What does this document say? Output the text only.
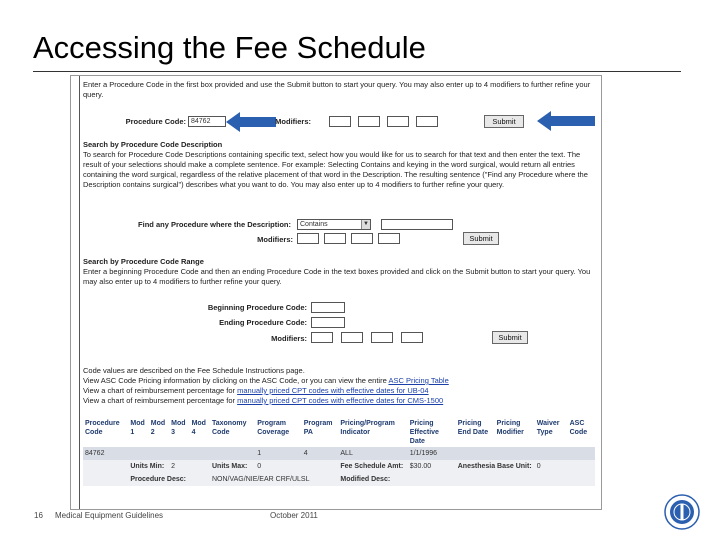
Accessing the Fee Schedule
Enter a Procedure Code in the first box provided and use the Submit button to start your query. You may also enter up to 4 modifiers to further refine your query.
Procedure Code: 84762	Modifiers:	Submit
Search by Procedure Code Description
To search for Procedure Code Descriptions containing specific text, select how you would like for us to search for that text and then enter the text. The result of your selections should make a complete sentence. For example: Selecting Contains and keying in the word surgical, would return all entries containing the word surgical, regardless of the relative placement of that word in the Description. The resulting sentence ("Find any Procedure where the Description contains surgical") describes what you want to do. You may also enter up to 4 modifiers to further refine your query.
Find any Procedure where the Description:	Contains	▼
Modifiers:	Submit
Search by Procedure Code Range
Enter a beginning Procedure Code and then an ending Procedure Code in the text boxes provided and click on the Submit button to start your query. You may also enter up to 4 modifiers to further refine your query.
Beginning Procedure Code:
Ending Procedure Code:
Modifiers:	Submit
Code values are described on the Fee Schedule Instructions page.
View ASC Code Pricing information by clicking on the ASC Code, or you can view the entire ASC Pricing Table
View a chart of reimbursement percentage for manually priced CPT codes with effective dates for UB-04
View a chart of reimbursement percentage for manually priced CPT codes with effective dates for CMS-1500
Procedure Code	Mod 1	Mod 2	Mod 3	Mod 4	Taxonomy Code	Program Coverage	Program PA	Pricing/Program Indicator	Pricing Effective Date	Pricing End Date	Pricing Modifier	Waiver Type	ASC Code
84762						1	4	ALL	1/1/1996				
	Units Min:		2		Units Max:	0		Fee Schedule Amt:	$30.00	Anesthesia Base Unit:		0	
	Procedure Desc:				NON/VAG/NIE/EAR CRF/ULSL			Modified Desc:					
16 Medical Equipment Guidelines	October 2011
